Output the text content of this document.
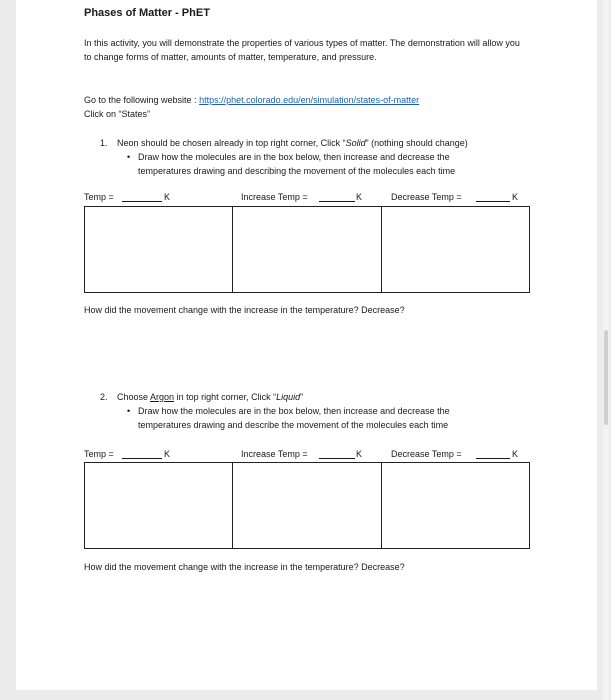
Phases of Matter - PhET
In this activity, you will demonstrate the properties of various types of matter. The demonstration will allow you to change forms of matter, amounts of matter, temperature, and pressure.
Go to the following website : https://phet.colorado.edu/en/simulation/states-of-matter
Click on “States”
1. Neon should be chosen already in top right corner, Click “Solid” (nothing should change)
• Draw how the molecules are in the box below, then increase and decrease the
temperatures drawing and describing the movement of the molecules each time
Temp =	K	Increase Temp =	K	Decrease Temp =	K
How did the movement change with the increase in the temperature? Decrease?
2. Choose Argon in top right corner, Click “Liquid”
• Draw how the molecules are in the box below, then increase and decrease the
temperatures drawing and describe the movement of the molecules each time
Temp =	K	Increase Temp =	K	Decrease Temp =	K
How did the movement change with the increase in the temperature? Decrease?
